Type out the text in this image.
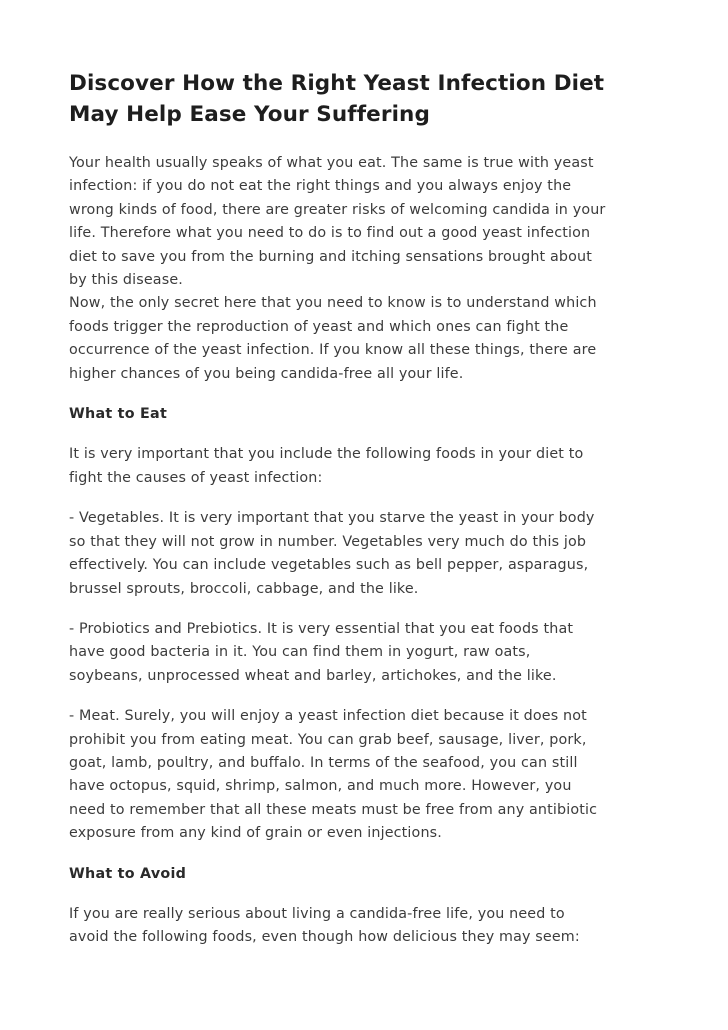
Discover How the Right Yeast Infection Diet
May Help Ease Your Suffering

Your health usually speaks of what you eat. The same is true with yeast
infection: if you do not eat the right things and you always enjoy the
wrong kinds of food, there are greater risks of welcoming candida in your
life. Therefore what you need to do is to find out a good yeast infection
diet to save you from the burning and itching sensations brought about
by this disease.
Now, the only secret here that you need to know is to understand which
foods trigger the reproduction of yeast and which ones can fight the
occurrence of the yeast infection. If you know all these things, there are
higher chances of you being candida-free all your life.

What to Eat

It is very important that you include the following foods in your diet to
fight the causes of yeast infection:

- Vegetables. It is very important that you starve the yeast in your body
so that they will not grow in number. Vegetables very much do this job
effectively. You can include vegetables such as bell pepper, asparagus,
brussel sprouts, broccoli, cabbage, and the like.

- Probiotics and Prebiotics. It is very essential that you eat foods that
have good bacteria in it. You can find them in yogurt, raw oats,
soybeans, unprocessed wheat and barley, artichokes, and the like.

- Meat. Surely, you will enjoy a yeast infection diet because it does not
prohibit you from eating meat. You can grab beef, sausage, liver, pork,
goat, lamb, poultry, and buffalo. In terms of the seafood, you can still
have octopus, squid, shrimp, salmon, and much more. However, you
need to remember that all these meats must be free from any antibiotic
exposure from any kind of grain or even injections.

What to Avoid

If you are really serious about living a candida-free life, you need to
avoid the following foods, even though how delicious they may seem:
